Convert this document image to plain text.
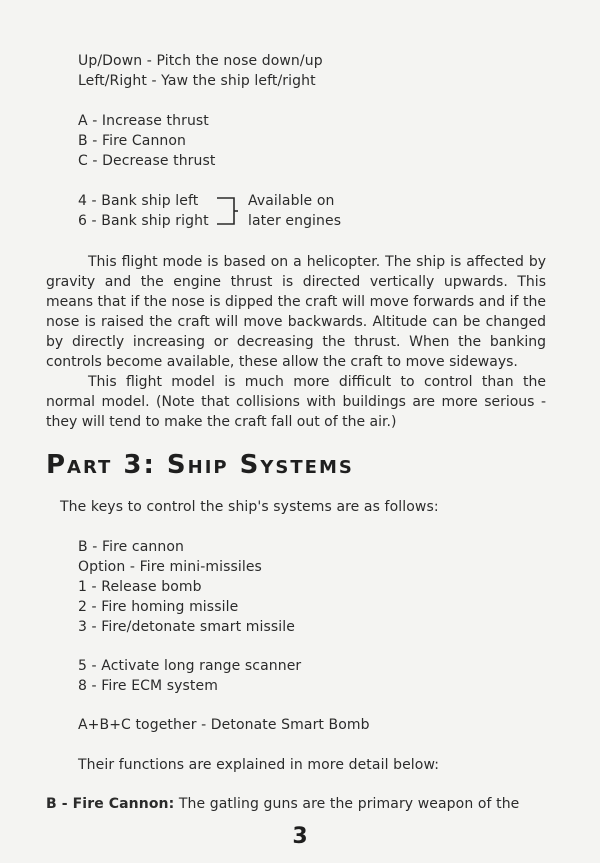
Up/Down - Pitch the nose down/up
Left/Right - Yaw the ship left/right
A - Increase thrust
B - Fire Cannon
C - Decrease thrust
4 - Bank ship left
6 - Bank ship right
Available on
later engines

This flight mode is based on a helicopter. The ship is affected by gravity and the engine thrust is directed vertically upwards. This means that if the nose is dipped the craft will move forwards and if the nose is raised the craft will move backwards. Altitude can be changed by directly increasing or decreasing the thrust. When the banking controls become available, these allow the craft to move sideways.

This flight model is much more difficult to control than the normal model. (Note that collisions with buildings are more serious - they will tend to make the craft fall out of the air.)

Part 3: Ship Systems
The keys to control the ship's systems are as follows:
B - Fire cannon
Option - Fire mini-missiles
1 - Release bomb
2 - Fire homing missile
3 - Fire/detonate smart missile
5 - Activate long range scanner
8 - Fire ECM system
A+B+C together - Detonate Smart Bomb
Their functions are explained in more detail below:
B - Fire Cannon: The gatling guns are the primary weapon of the
3
